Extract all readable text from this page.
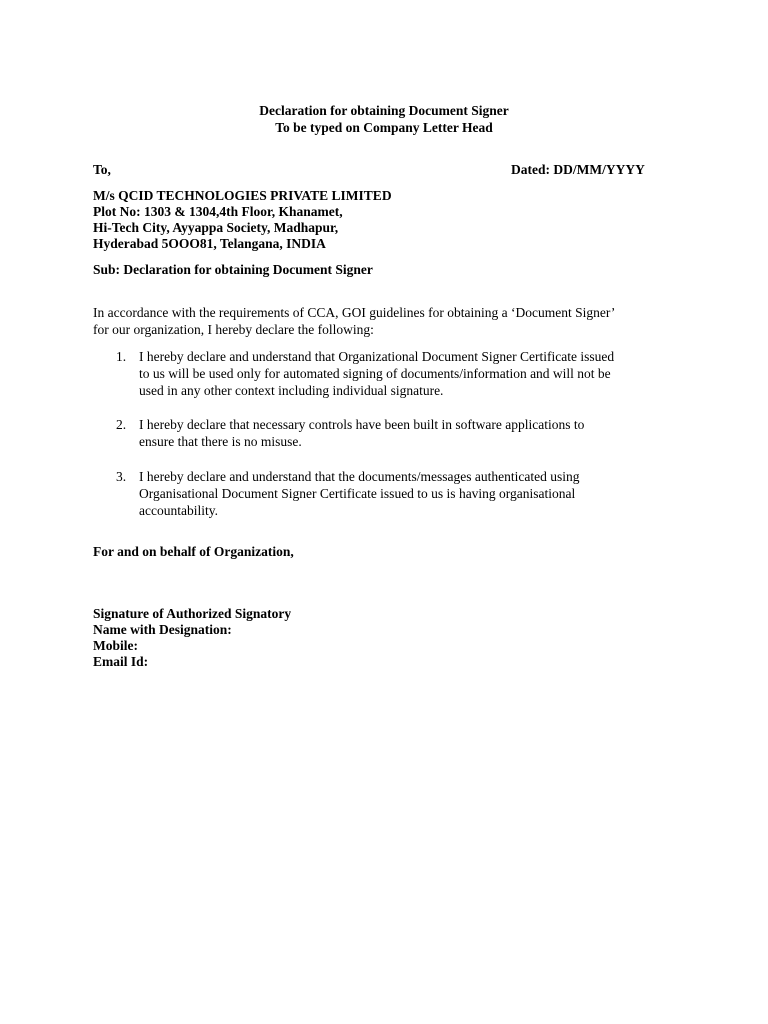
Declaration for obtaining Document Signer
To be typed on Company Letter Head
To,	Dated: DD/MM/YYYY
M/s QCID TECHNOLOGIES PRIVATE LIMITED
Plot No: 1303 & 1304,4th Floor, Khanamet,
Hi-Tech City, Ayyappa Society, Madhapur,
Hyderabad 5OOO81, Telangana, INDIA
Sub: Declaration for obtaining Document Signer
In accordance with the requirements of CCA, GOI guidelines for obtaining a ‘Document Signer’
for our organization, I hereby declare the following:
1. I hereby declare and understand that Organizational Document Signer Certificate issued
to us will be used only for automated signing of documents/information and will not be
used in any other context including individual signature.
2. I hereby declare that necessary controls have been built in software applications to
ensure that there is no misuse.
3. I hereby declare and understand that the documents/messages authenticated using
Organisational Document Signer Certificate issued to us is having organisational
accountability.
For and on behalf of Organization,
Signature of Authorized Signatory
Name with Designation:
Mobile:
Email Id:
